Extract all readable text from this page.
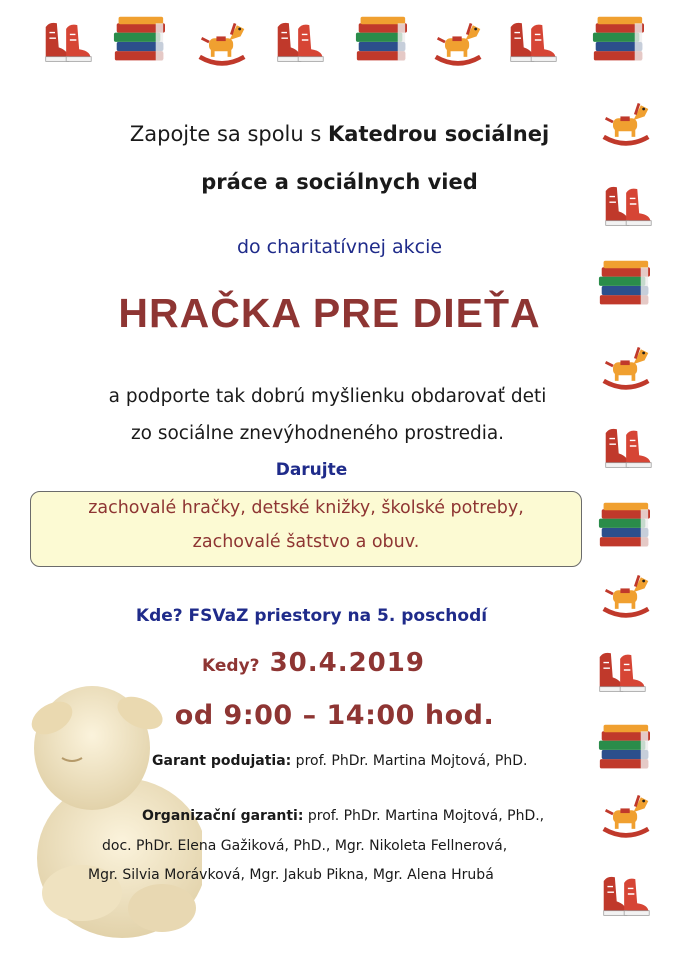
Zapojte sa spolu s Katedrou sociálnej
práce a sociálnych vied
do charitatívnej akcie
HRAČKA PRE DIEŤA
a podporte tak dobrú myšlienku obdarovať deti
zo sociálne znevýhodneného prostredia.
Darujte
zachovalé hračky, detské knižky, školské potreby,
zachovalé šatstvo a obuv.
Kde? FSVaZ priestory na 5. poschodí
Kedy? 30.4.2019
od 9:00 – 14:00 hod.
Garant podujatia: prof. PhDr. Martina Mojtová, PhD.
Organizační garanti: prof. PhDr. Martina Mojtová, PhD.,
doc. PhDr. Elena Gažiková, PhD., Mgr. Nikoleta Fellnerová,
Mgr. Silvia Morávková, Mgr. Jakub Pikna, Mgr. Alena Hrubá
